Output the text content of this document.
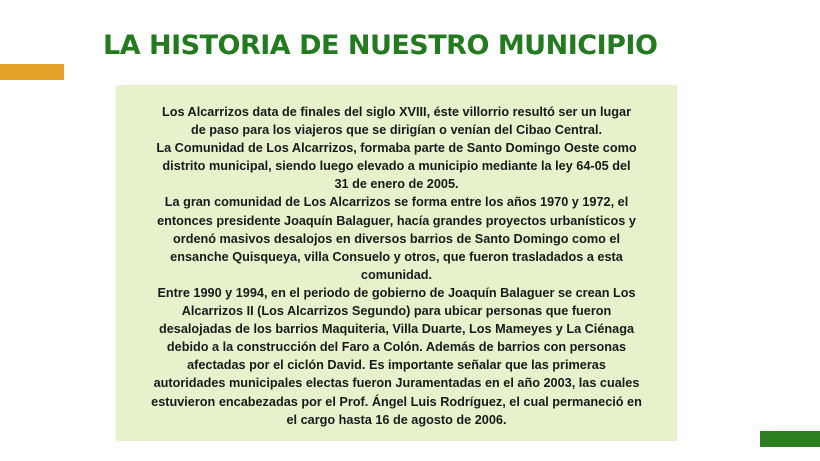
LA HISTORIA DE NUESTRO MUNICIPIO

Los Alcarrizos data de finales del siglo XVIII, éste villorrio resultó ser un lugar
de paso para los viajeros que se dirigían o venían del Cibao Central.
La Comunidad de Los Alcarrizos, formaba parte de Santo Domingo Oeste como
distrito municipal, siendo luego elevado a municipio mediante la ley 64-05 del
31 de enero de 2005.
La gran comunidad de Los Alcarrizos se forma entre los años 1970 y 1972, el
entonces presidente Joaquín Balaguer, hacía grandes proyectos urbanísticos y
ordenó masivos desalojos en diversos barrios de Santo Domingo como el
ensanche Quisqueya, villa Consuelo y otros, que fueron trasladados a esta
comunidad.
Entre 1990 y 1994, en el periodo de gobierno de Joaquín Balaguer se crean Los
Alcarrizos II (Los Alcarrizos Segundo) para ubicar personas que fueron
desalojadas de los barrios Maquiteria, Villa Duarte, Los Mameyes y La Ciénaga
debido a la construcción del Faro a Colón. Además de barrios con personas
afectadas por el ciclón David. Es importante señalar que las primeras
autoridades municipales electas fueron Juramentadas en el año 2003, las cuales
estuvieron encabezadas por el Prof. Ángel Luis Rodríguez, el cual permaneció en
el cargo hasta 16 de agosto de 2006.
